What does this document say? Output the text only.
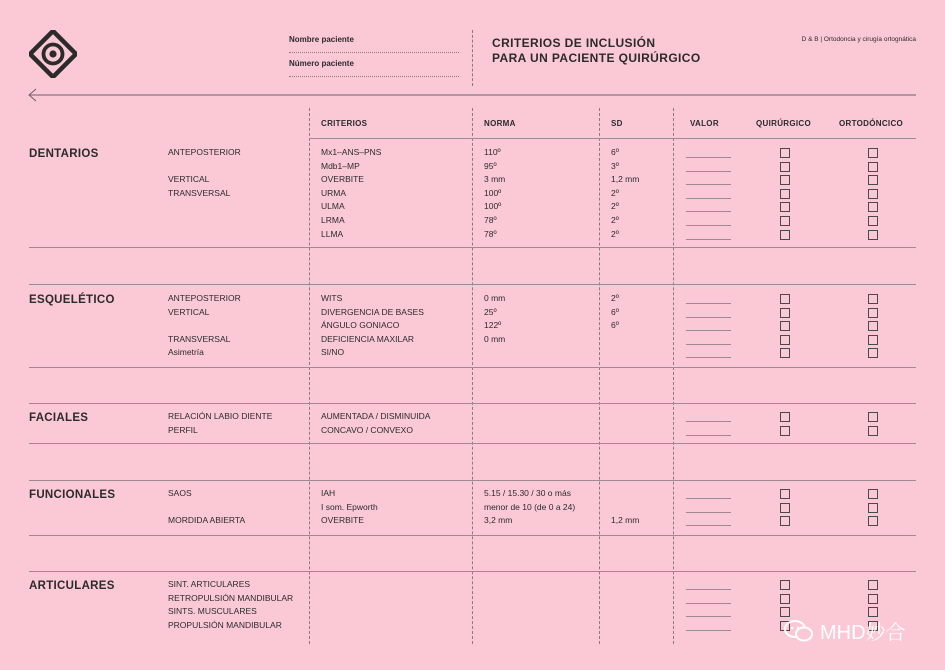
Nombre paciente
Número paciente
CRITERIOS DE INCLUSIÓN
PARA UN PACIENTE QUIRÚRGICO
D & B | Ortodoncia y cirugía ortognática
CRITERIOS	NORMA	SD	VALOR	QUIRÚRGICO	ORTODÓNCICO
DENTARIOS	ANTEPOSTERIOR	Mx1–ANS–PNS	110º	6º
Mdb1–MP	95º	3º
VERTICAL	OVERBITE	3 mm	1,2 mm
TRANSVERSAL	URMA	100º	2º
ULMA	100º	2º
LRMA	78º	2º
LLMA	78º	2º
ESQUELÉTICO	ANTEPOSTERIOR	WITS	0 mm	2º
VERTICAL	DIVERGENCIA DE BASES	25º	6º
ÁNGULO GONIACO	122º	6º
TRANSVERSAL	DEFICIENCIA MAXILAR	0 mm
Asimetría	SI/NO
FACIALES	RELACIÓN LABIO DIENTE	AUMENTADA / DISMINUIDA
PERFIL	CONCAVO / CONVEXO
FUNCIONALES	SAOS	IAH	5.15 / 15.30 / 30 o más
I som. Epworth	menor de 10 (de 0 a 24)
MORDIDA ABIERTA	OVERBITE	3,2 mm	1,2 mm
ARTICULARES	SINT. ARTICULARES
RETROPULSIÓN MANDIBULAR
SINTS. MUSCULARES
PROPULSIÓN MANDIBULAR	MHD妙合
